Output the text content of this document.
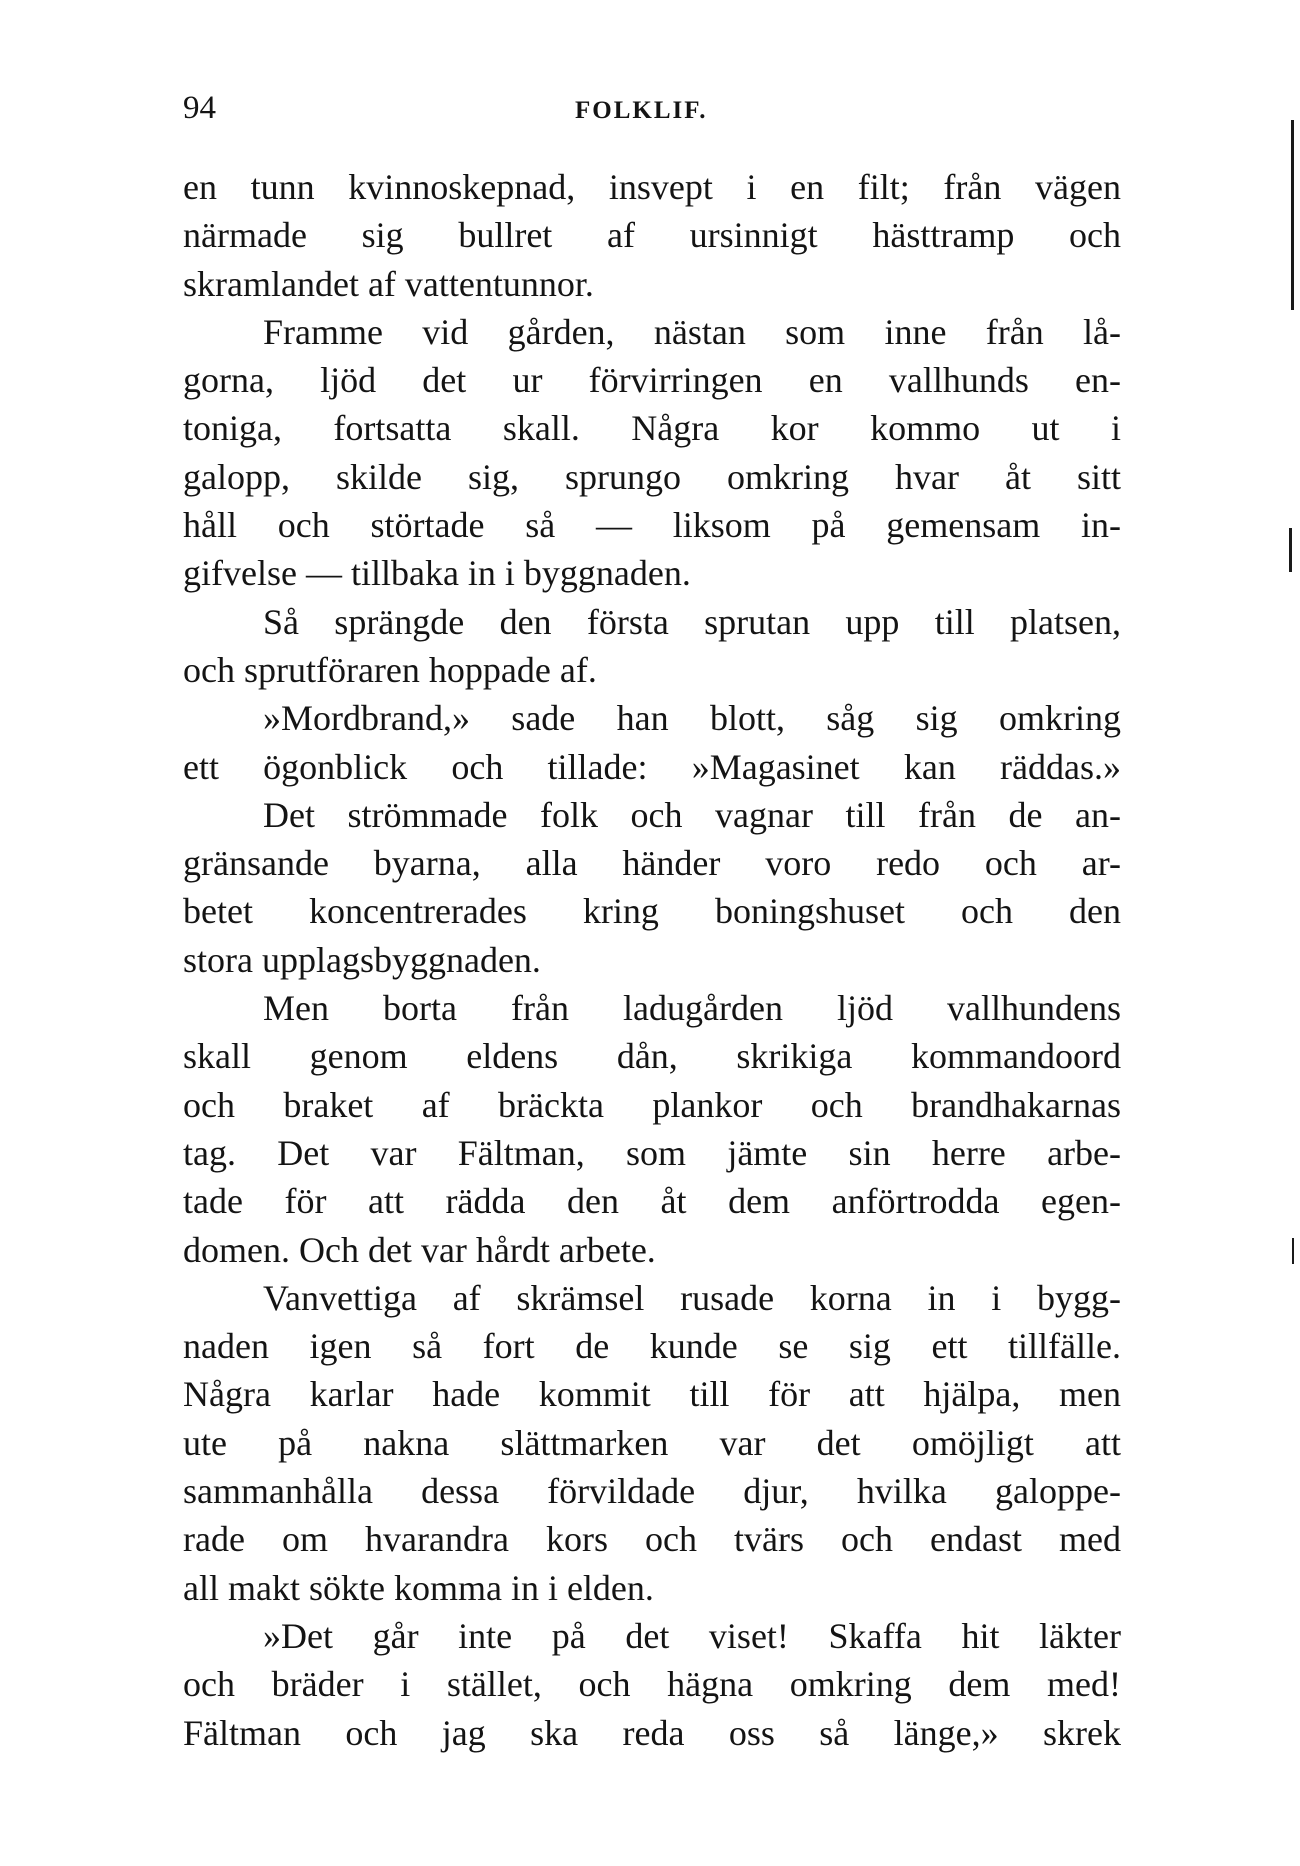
94	FOLKLIF.
en tunn kvinnoskepnad, insvept i en filt; från vägen
närmade sig bullret af ursinnigt hästtramp och
skramlandet af vattentunnor.
Framme vid gården, nästan som inne från lå-
gorna, ljöd det ur förvirringen en vallhunds en-
toniga, fortsatta skall. Några kor kommo ut i
galopp, skilde sig, sprungo omkring hvar åt sitt
håll och störtade så — liksom på gemensam in-
gifvelse — tillbaka in i byggnaden.
Så sprängde den första sprutan upp till platsen,
och sprutföraren hoppade af.
»Mordbrand,» sade han blott, såg sig omkring
ett ögonblick och tillade: »Magasinet kan räddas.»
Det strömmade folk och vagnar till från de an-
gränsande byarna, alla händer voro redo och ar-
betet koncentrerades kring boningshuset och den
stora upplagsbyggnaden.
Men borta från ladugården ljöd vallhundens
skall genom eldens dån, skrikiga kommandoord
och braket af bräckta plankor och brandhakarnas
tag. Det var Fältman, som jämte sin herre arbe-
tade för att rädda den åt dem anförtrodda egen-
domen. Och det var hårdt arbete.
Vanvettiga af skrämsel rusade korna in i bygg-
naden igen så fort de kunde se sig ett tillfälle.
Några karlar hade kommit till för att hjälpa, men
ute på nakna slättmarken var det omöjligt att
sammanhålla dessa förvildade djur, hvilka galoppe-
rade om hvarandra kors och tvärs och endast med
all makt sökte komma in i elden.
»Det går inte på det viset! Skaffa hit läkter
och bräder i stället, och hägna omkring dem med!
Fältman och jag ska reda oss så länge,» skrek
